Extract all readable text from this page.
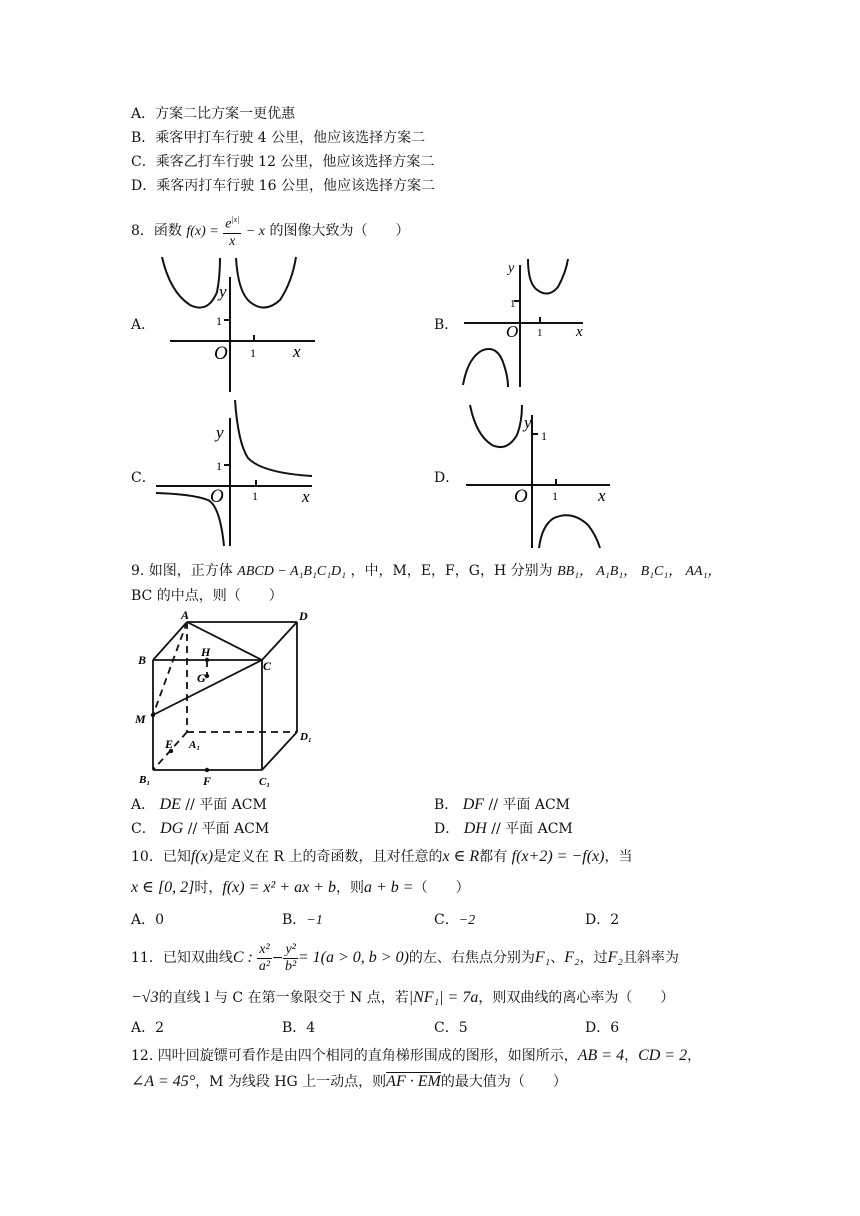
A．方案二比方案一更优惠
B．乘客甲打车行驶 4 公里，他应该选择方案二
C．乘客乙打车行驶 12 公里，他应该选择方案二
D．乘客丙打车行驶 16 公里，他应该选择方案二
8．函数 $f(x) = \frac{e^{|x|}}{x} - x$ 的图像大致为（　　）
A．	B．
C．	D．
y
1
O 1 x
y
1
O 1 x
y
1
O 1	x
y
1
O 1 x
9. 如图，正方体 ABCD − A₁B₁C₁D₁ ，中，M，E，F，G，H 分别为 BB₁， A₁B₁， B₁C₁， AA₁，
BC 的中点，则（　　）
A	D
B
H
C
G
M
E A₁
D₁
B₁	F	C₁
A． DE // 平面 ACM	B． DF // 平面 ACM
C． DG // 平面 ACM	D． DH // 平面 ACM
10．已知f(x)是定义在 R 上的奇函数，且对任意的x ∈ R都有 f(x+2) = −f(x)，当
x ∈ [0, 2]时，f(x) = x² + ax + b，则a + b =（　　）
A．0	B．−1	C．−2	D．2
11．已知双曲线C : $\frac{\text{x²}}{\text{a²}} - \frac{\text{y²}}{\text{b²}} = 1(a > 0$, b > 0)的左、右焦点分别为F₁、F₂，过F₂且斜率为
−√3的直线 l 与 C 在第一象限交于 N 点，若|NF₁| = 7a，则双曲线的离心率为（　　）
A．2	B．4	C．5	D．6
12. 四叶回旋镖可看作是由四个相同的直角梯形围成的图形，如图所示，AB = 4，CD = 2，
∠A = 45°，M 为线段 HG 上一动点，则AF · EM的最大值为（　　）
